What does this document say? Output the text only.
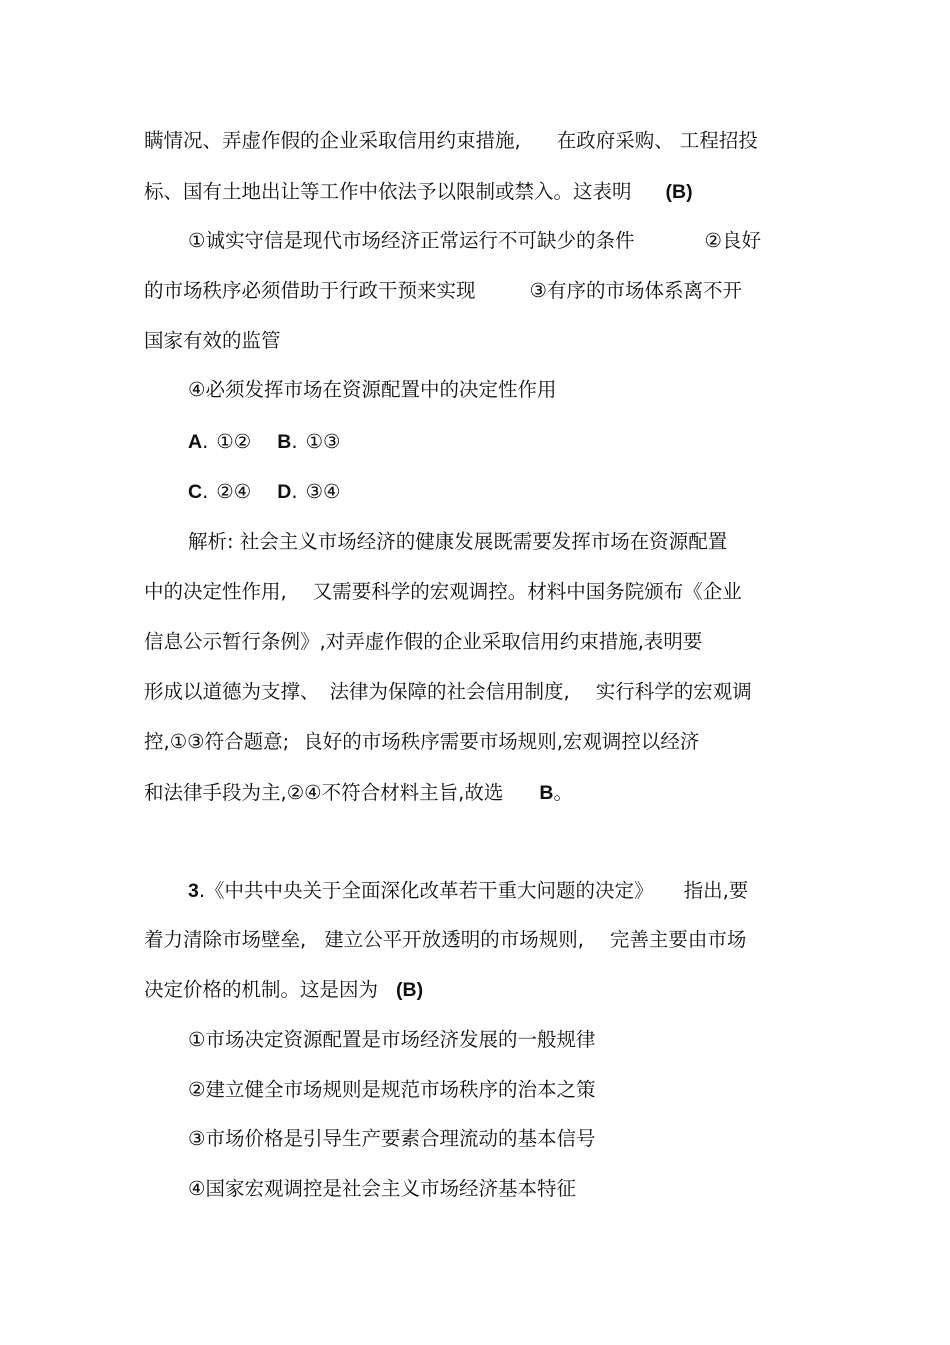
瞒情况、弄虚作假的企业采取信用约束措施, 在政府采购、 工程招投
标、国有土地出让等工作中依法予以限制或禁入。这表明 (B)
①诚实守信是现代市场经济正常运行不可缺少的条件	②良好
的市场秩序必须借助于行政干预来实现	③有序的市场体系离不开
国家有效的监管
④必须发挥市场在资源配置中的决定性作用
A. ①② B. ①③
C. ②④ D. ③④
解析: 社会主义市场经济的健康发展既需要发挥市场在资源配置
中的决定性作用, 又需要科学的宏观调控。材料中国务院颁布《企业
信息公示暂行条例》,对弄虚作假的企业采取信用约束措施,表明要
形成以道德为支撑、 法律为保障的社会信用制度, 实行科学的宏观调
控,①③符合题意; 良好的市场秩序需要市场规则,宏观调控以经济
和法律手段为主,②④不符合材料主旨,故选 B。
3.《中共中央关于全面深化改革若干重大问题的决定》 指出,要
着力清除市场壁垒, 建立公平开放透明的市场规则, 完善主要由市场
决定价格的机制。这是因为 (B)
①市场决定资源配置是市场经济发展的一般规律
②建立健全市场规则是规范市场秩序的治本之策
③市场价格是引导生产要素合理流动的基本信号
④国家宏观调控是社会主义市场经济基本特征
